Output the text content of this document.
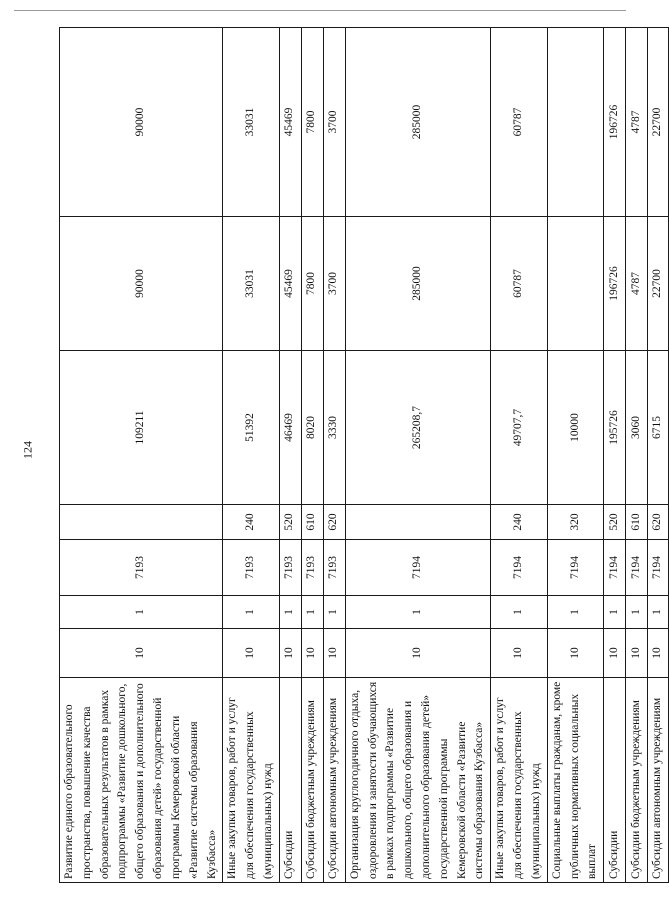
124
Развитие единого образовательного пространства, повышение качества образовательных результатов в рамках подпрограммы «Развитие дошкольного, общего образования и дополнительного образования детей» государственной программы Кемеровской области «Развитие системы образования Кузбасса»	10	1	7193		109211	90000	90000
Иные закупки товаров, работ и услуг для обеспечения государственных (муниципальных) нужд	10	1	7193	240	51392	33031	33031
Субсидии	10	1	7193	520	46469	45469	45469
Субсидии бюджетным учреждениям	10	1	7193	610	8020	7800	7800
Субсидии автономным учреждениям	10	1	7193	620	3330	3700	3700
Организация круглогодичного отдыха, оздоровления и занятости обучающихся в рамках подпрограммы «Развитие дошкольного, общего образования и дополнительного образования детей» государственной программы Кемеровской области «Развитие системы образования Кузбасса»	10	1	7194		265208,7	285000	285000
Иные закупки товаров, работ и услуг для обеспечения государственных (муниципальных) нужд	10	1	7194	240	49707,7	60787	60787
Социальные выплаты гражданам, кроме публичных нормативных социальных выплат	10	1	7194	320	10000		
Субсидии	10	1	7194	520	195726	196726	196726
Субсидии бюджетным учреждениям	10	1	7194	610	3060	4787	4787
Субсидии автономным учреждениям	10	1	7194	620	6715	22700	22700
